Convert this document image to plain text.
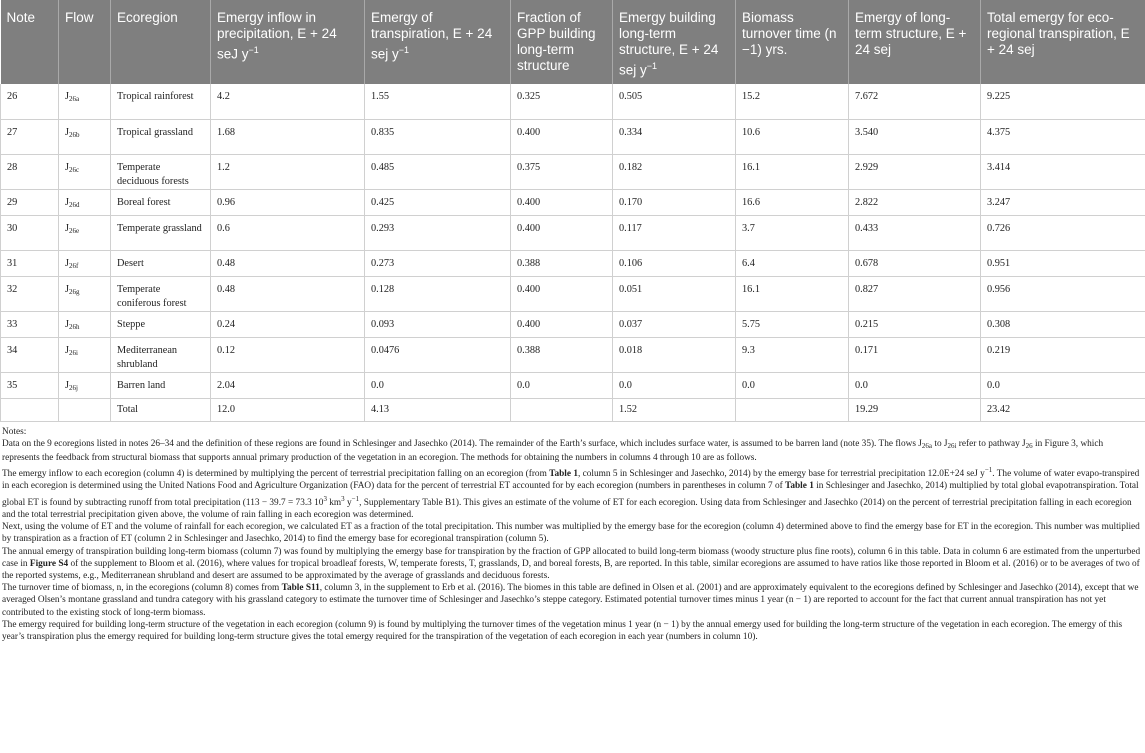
Note	Flow	Ecoregion	Emergy inflow in precipitation, E + 24 seJ $y^{-1}$	Emergy of transpiration, E + 24 sej $y^{-1}$	Fraction of GPP building long-term structure	Emergy building long-term structure, E + 24 sej $y^{-1}$	Biomass turnover time (n −1) yrs.	Emergy of long-term structure, E + 24 sej	Total emergy for eco-regional transpiration, E + 24 sej
26	$J_{26a}$	Tropical rainforest	4.2	1.55	0.325	0.505	15.2	7.672	9.225
27	$J_{26b}$	Tropical grassland	1.68	0.835	0.400	0.334	10.6	3.540	4.375
28	$J_{26c}$	Temperate deciduous forests	1.2	0.485	0.375	0.182	16.1	2.929	3.414
29	$J_{26d}$	Boreal forest	0.96	0.425	0.400	0.170	16.6	2.822	3.247
30	$J_{26e}$	Temperate grassland	0.6	0.293	0.400	0.117	3.7	0.433	0.726
31	$J_{26f}$	Desert	0.48	0.273	0.388	0.106	6.4	0.678	0.951
32	$J_{26g}$	Temperate coniferous forest	0.48	0.128	0.400	0.051	16.1	0.827	0.956
33	$J_{26h}$	Steppe	0.24	0.093	0.400	0.037	5.75	0.215	0.308
34	$J_{26i}$	Mediterranean shrubland	0.12	0.0476	0.388	0.018	9.3	0.171	0.219
35	$J_{26j}$	Barren land	2.04	0.0	0.0	0.0	0.0	0.0	0.0
		Total	12.0	4.13		1.52		19.29	23.42

Notes:

Data on the 9 ecoregions listed in notes 26–34 and the definition of these regions are found in Schlesinger and Jasechko (2014). The remainder of the Earth’s surface, which includes surface water, is assumed to be barren land (note 35). The flows $J_{26a}$ to $J_{26i}$ refer to pathway $J_{26}$ in Figure 3, which represents the feedback from structural biomass that supports annual primary production of the vegetation in an ecoregion. The methods for obtaining the numbers in columns 4 through 10 are as follows.

The emergy inflow to each ecoregion (column 4) is determined by multiplying the percent of terrestrial precipitation falling on an ecoregion (from Table 1, column 5 in Schlesinger and Jasechko, 2014) by the emergy base for terrestrial precipitation 12.0E+24 seJ $y^{-1}$. The volume of water evapo-transpired in each ecoregion is determined using the United Nations Food and Agriculture Organization (FAO) data for the percent of terrestrial ET accounted for by each ecoregion (numbers in parentheses in column 7 of Table 1 in Schlesinger and Jasechko, 2014) multiplied by total global evapotranspiration. Total global ET is found by subtracting runoff from total precipitation (113 − 39.7 = 73.3 $10^3$ $km^3$ $y^{-1}$, Supplementary Table B1). This gives an estimate of the volume of ET for each ecoregion. Using data from Schlesinger and Jasechko (2014) on the percent of terrestrial precipitation falling in each ecoregion and the total terrestrial precipitation given above, the volume of rain falling in each ecoregion was determined.

Next, using the volume of ET and the volume of rainfall for each ecoregion, we calculated ET as a fraction of the total precipitation. This number was multiplied by the emergy base for the ecoregion (column 4) determined above to find the emergy base for ET in the ecoregion. This number was multiplied by transpiration as a fraction of ET (column 2 in Schlesinger and Jasechko, 2014) to find the emergy base for ecoregional transpiration (column 5).

The annual emergy of transpiration building long-term biomass (column 7) was found by multiplying the emergy base for transpiration by the fraction of GPP allocated to build long-term biomass (woody structure plus fine roots), column 6 in this table. Data in column 6 are estimated from the unperturbed case in Figure S4 of the supplement to Bloom et al. (2016), where values for tropical broadleaf forests, W, temperate forests, T, grasslands, D, and boreal forests, B, are reported. In this table, similar ecoregions are assumed to have ratios like those reported in Bloom et al. (2016) or to be averages of two of the reported systems, e.g., Mediterranean shrubland and desert are assumed to be approximated by the average of grasslands and deciduous forests.

The turnover time of biomass, n, in the ecoregions (column 8) comes from Table S11, column 3, in the supplement to Erb et al. (2016). The biomes in this table are defined in Olsen et al. (2001) and are approximately equivalent to the ecoregions defined by Schlesinger and Jasechko (2014), except that we averaged Olsen’s montane grassland and tundra category with his grassland category to estimate the turnover time of Schlesinger and Jasechko’s steppe category. Estimated potential turnover times minus 1 year (n − 1) are reported to account for the fact that current annual transpiration has not yet contributed to the existing stock of long-term biomass.

The emergy required for building long-term structure of the vegetation in each ecoregion (column 9) is found by multiplying the turnover times of the vegetation minus 1 year (n − 1) by the annual emergy used for building the long-term structure of the vegetation in each ecoregion. The emergy of this year’s transpiration plus the emergy required for building long-term structure gives the total emergy required for the transpiration of the vegetation of each ecoregion in each year (numbers in column 10).
